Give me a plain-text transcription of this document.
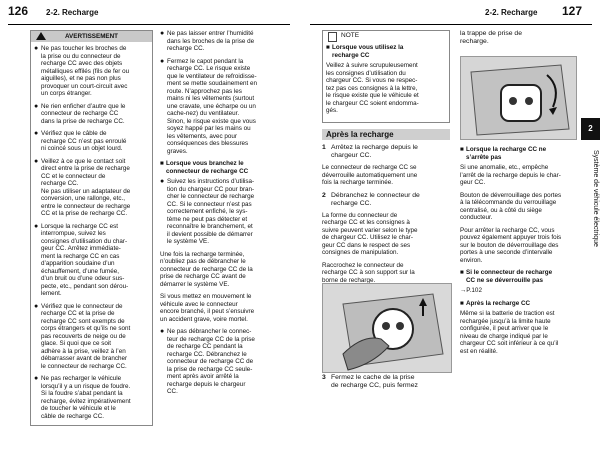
126 2-2. Recharge	2-2. Recharge 127
AVERTISSEMENT
● Ne pas toucher les broches de
la prise ou du connecteur de
recharge CC avec des objets
métalliques effilés (fils de fer ou
aiguilles), et ne pas non plus
provoquer un court-circuit avec
un corps étranger.
● Ne rien enficher d’autre que le
connecteur de recharge CC
dans la prise de recharge CC.
● Vérifiez que le câble de
recharge CC n’est pas enroulé
ni coincé sous un objet lourd.
● Veillez à ce que le contact soit
direct entre la prise de recharge
CC et le connecteur de
recharge CC.
Ne pas utiliser un adaptateur de
conversion, une rallonge, etc.,
entre le connecteur de recharge
CC et la prise de recharge CC.
● Lorsque la recharge CC est
interrompue, suivez les
consignes d’utilisation du char-
geur CC. Arrêtez immédiate-
ment la recharge CC en cas
d’apparition soudaine d’un
échauffement, d’une fumée,
d’un bruit ou d’une odeur sus-
pecte, etc., pendant son dérou-
lement.
● Vérifiez que le connecteur de
recharge CC et la prise de
recharge CC sont exempts de
corps étrangers et qu’ils ne sont
pas recouverts de neige ou de
glace. Si quoi que ce soit
adhère à la prise, veillez à l’en
débarrasser avant de brancher
le connecteur de recharge CC.
● Ne pas recharger le véhicule
lorsqu’il y a un risque de foudre.
Si la foudre s’abat pendant la
recharge, évitez impérativement
de toucher le véhicule et le
câble de recharge CC.
● Ne pas laisser entrer l’humidité
dans les broches de la prise de
recharge CC.
● Fermez le capot pendant la
recharge CC. Le risque existe
que le ventilateur de refroidisse-
ment se mette soudainement en
route. N’approchez pas les
mains ni les vêtements (surtout
une cravate, une écharpe ou un
cache-nez) du ventilateur.
Sinon, le risque existe que vous
soyez happé par les mains ou
les vêtements, avec pour
conséquences des blessures
graves.
■ Lorsque vous branchez le
connecteur de recharge CC
● Suivez les instructions d’utilisa-
tion du chargeur CC pour bran-
cher le connecteur de recharge
CC. Si le connecteur n’est pas
correctement enfiché, le sys-
tème ne peut pas détecter et
reconnaître le branchement, et
il devient possible de démarrer
le système VE.

Une fois la recharge terminée,
n’oubliez pas de débrancher le
connecteur de recharge CC de la
prise de recharge CC avant de
démarrer le système VE.

Si vous mettez en mouvement le
véhicule avec le connecteur
encore branché, il peut s’ensuivre
un accident grave, voire mortel.

● Ne pas débrancher le connec-
teur de recharge CC de la prise
de recharge CC pendant la
recharge CC. Débranchez le
connecteur de recharge CC de
la prise de recharge CC seule-
ment après avoir arrêté la
recharge depuis le chargeur
CC.
NOTE
■ Lorsque vous utilisez la
recharge CC

Veillez à suivre scrupuleusement
les consignes d’utilisation du
chargeur CC. Si vous ne respec-
tez pas ces consignes à la lettre,
le risque existe que le véhicule et
le chargeur CC soient endomma-
gés.

Après la recharge
1 Arrêtez la recharge depuis le
chargeur CC.

Le connecteur de recharge CC se
déverrouille automatiquement une
fois la recharge terminée.

2 Débranchez le connecteur de
recharge CC.

La forme du connecteur de
recharge CC et les consignes à
suivre peuvent varier selon le type
de chargeur CC. Utilisez le char-
geur CC dans le respect de ses
consignes de manipulation.

Raccrochez le connecteur de
recharge CC à son support sur la
borne de recharge.

3 Fermez le cache de la prise
de recharge CC, puis fermez

la trappe de prise de
recharge.

■ Lorsque la recharge CC ne
s’arrête pas

Si une anomalie, etc., empêche
l’arrêt de la recharge depuis le char-
geur CC.

Bouton de déverrouillage des portes
à la télécommande du verrouillage
centralisé, ou à côté du siège
conducteur.

Pour arrêter la recharge CC, vous
pouvez également appuyer trois fois
sur le bouton de déverrouillage des
portes à une seconde d’intervalle
environ.

■ Si le connecteur de recharge
CC ne se déverrouille pas

→P.102

■ Après la recharge CC

Même si la batterie de traction est
rechargée jusqu’à la limite haute
configurée, il peut arriver que le
niveau de charge indiqué par le
chargeur CC soit inférieur à ce qu’il
est en réalité.

2
Système de véhicule électrique
